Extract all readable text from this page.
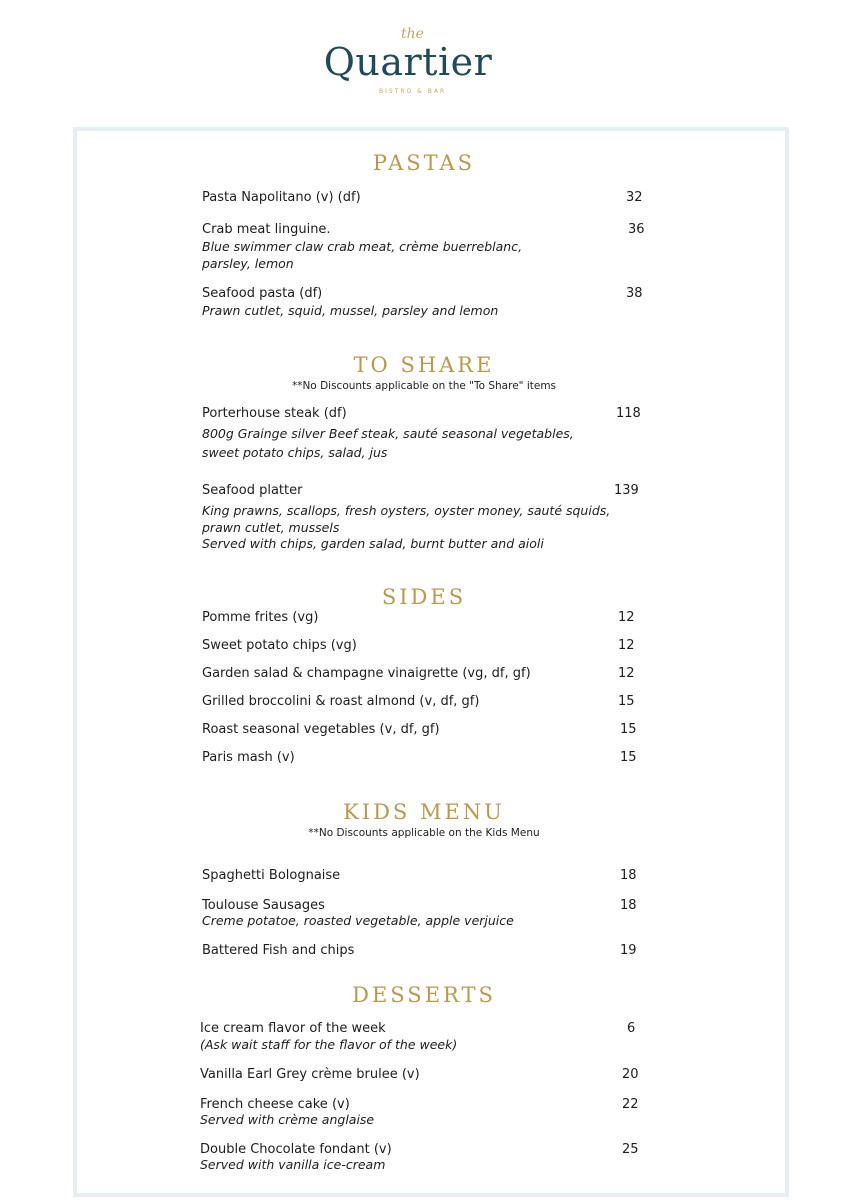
the
Quartier
BISTRO & BAR
PASTAS
Pasta Napolitano (v) (df)	32
Crab meat linguine.	36
Blue swimmer claw crab meat, crème buerreblanc,
parsley, lemon
Seafood pasta (df)	38
Prawn cutlet, squid, mussel, parsley and lemon
TO SHARE
**No Discounts applicable on the "To Share" items
Porterhouse steak (df)	118
800g Grainge silver Beef steak, sauté seasonal vegetables,
sweet potato chips, salad, jus
Seafood platter	139
King prawns, scallops, fresh oysters, oyster money, sauté squids,
prawn cutlet, mussels
Served with chips, garden salad, burnt butter and aioli
SIDES
Pomme frites (vg)	12
Sweet potato chips (vg)	12
Garden salad & champagne vinaigrette (vg, df, gf)	12
Grilled broccolini & roast almond (v, df, gf)	15
Roast seasonal vegetables (v, df, gf)	15
Paris mash (v)	15
KIDS MENU
**No Discounts applicable on the Kids Menu
Spaghetti Bolognaise	18
Toulouse Sausages	18
Creme potatoe, roasted vegetable, apple verjuice
Battered Fish and chips	19
DESSERTS
Ice cream flavor of the week	6
(Ask wait staff for the flavor of the week)
Vanilla Earl Grey crème brulee (v)	20
French cheese cake (v)	22
Served with crème anglaise
Double Chocolate fondant (v)	25
Served with vanilla ice-cream
